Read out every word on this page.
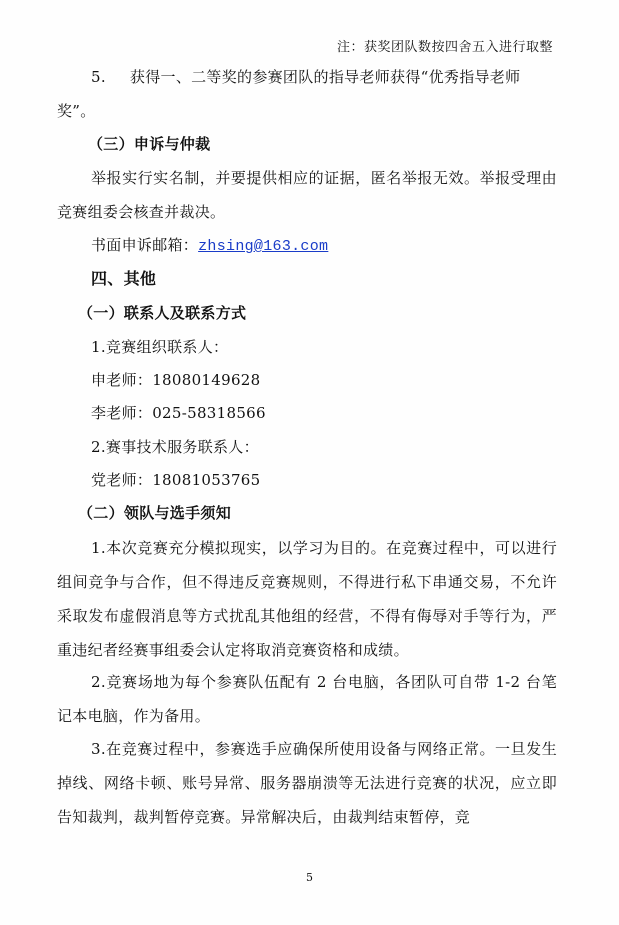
注：获奖团队数按四舍五入进行取整

5. 获得一、二等奖的参赛团队的指导老师获得“优秀指导老师奖”。

（三）申诉与仲裁

举报实行实名制，并要提供相应的证据，匿名举报无效。举报受理由竞赛组委会核查并裁决。

书面申诉邮箱：zhsing@163.com

四、其他

（一）联系人及联系方式

1.竞赛组织联系人：

申老师：18080149628

李老师：025-58318566

2.赛事技术服务联系人：

党老师：18081053765

（二）领队与选手须知

1.本次竞赛充分模拟现实，以学习为目的。在竞赛过程中，可以进行组间竞争与合作，但不得违反竞赛规则，不得进行私下串通交易，不允许采取发布虚假消息等方式扰乱其他组的经营，不得有侮辱对手等行为，严重违纪者经赛事组委会认定将取消竞赛资格和成绩。

2.竞赛场地为每个参赛队伍配有 2 台电脑，各团队可自带 1-2 台笔记本电脑，作为备用。

3.在竞赛过程中，参赛选手应确保所使用设备与网络正常。一旦发生掉线、网络卡顿、账号异常、服务器崩溃等无法进行竞赛的状况，应立即告知裁判，裁判暂停竞赛。异常解决后，由裁判结束暂停，竞

5
